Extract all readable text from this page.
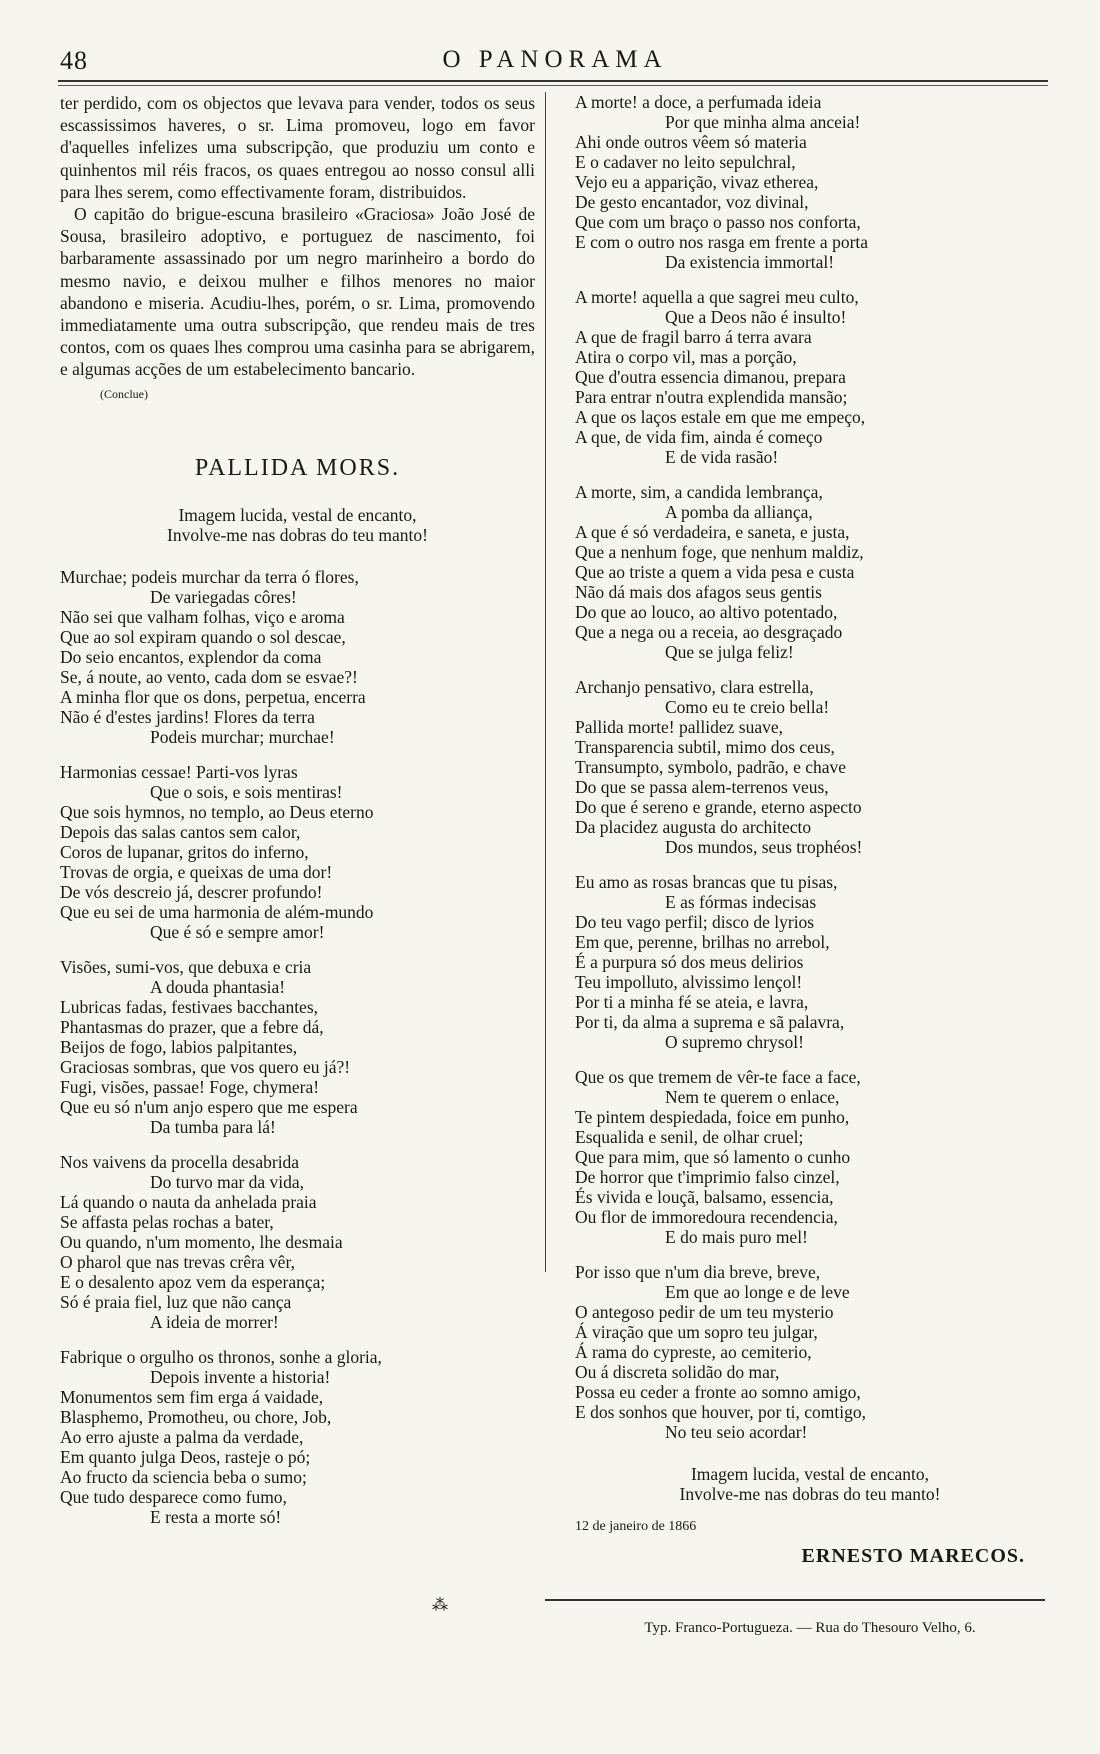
O PANORAMA
48

ter perdido, com os objectos que levava para vender, todos os seus escassissimos haveres, o sr. Lima promoveu, logo em favor d'aquelles infelizes uma subscripção, que produziu um conto e quinhentos mil réis fracos, os quaes entregou ao nosso consul alli para lhes serem, como effectivamente foram, distribuidos.

O capitão do brigue-escuna brasileiro «Graciosa» João José de Sousa, brasileiro adoptivo, e portuguez de nascimento, foi barbaramente assassinado por um negro marinheiro a bordo do mesmo navio, e deixou mulher e filhos menores no maior abandono e miseria. Acudiu-lhes, porém, o sr. Lima, promovendo immediatamente uma outra subscripção, que rendeu mais de tres contos, com os quaes lhes comprou uma casinha para se abrigarem, e algumas acções de um estabelecimento bancario.

(Conclue)
PALLIDA MORS.
Imagem lucida, vestal de encanto,
Involve-me nas dobras do teu manto!
Murchae; podeis murchar da terra ó flores,
De variegadas côres!
Não sei que valham folhas, viço e aroma
Que ao sol expiram quando o sol descae,
Do seio encantos, explendor da coma
Se, á noute, ao vento, cada dom se esvae?!
A minha flor que os dons, perpetua, encerra
Não é d'estes jardins! Flores da terra
Podeis murchar; murchae!
Harmonias cessae! Parti-vos lyras
Que o sois, e sois mentiras!
Que sois hymnos, no templo, ao Deus eterno
Depois das salas cantos sem calor,
Coros de lupanar, gritos do inferno,
Trovas de orgia, e queixas de uma dor!
De vós descreio já, descrer profundo!
Que eu sei de uma harmonia de além-mundo
Que é só e sempre amor!
Visões, sumi-vos, que debuxa e cria
A douda phantasia!
Lubricas fadas, festivaes bacchantes,
Phantasmas do prazer, que a febre dá,
Beijos de fogo, labios palpitantes,
Graciosas sombras, que vos quero eu já?!
Fugi, visões, passae! Foge, chymera!
Que eu só n'um anjo espero que me espera
Da tumba para lá!
Nos vaivens da procella desabrida
Do turvo mar da vida,
Lá quando o nauta da anhelada praia
Se affasta pelas rochas a bater,
Ou quando, n'um momento, lhe desmaia
O pharol que nas trevas crêra vêr,
E o desalento apoz vem da esperança;
Só é praia fiel, luz que não cança
A ideia de morrer!
Fabrique o orgulho os thronos, sonhe a gloria,
Depois invente a historia!
Monumentos sem fim erga á vaidade,
Blasphemo, Promotheu, ou chore, Job,
Ao erro ajuste a palma da verdade,
Em quanto julga Deos, rasteje o pó;
Ao fructo da sciencia beba o sumo;
Que tudo desparece como fumo,
E resta a morte só!
A morte! a doce, a perfumada ideia
Por que minha alma anceia!
Ahi onde outros vêem só materia
E o cadaver no leito sepulchral,
Vejo eu a apparição, vivaz etherea,
De gesto encantador, voz divinal,
Que com um braço o passo nos conforta,
E com o outro nos rasga em frente a porta
Da existencia immortal!
A morte! aquella a que sagrei meu culto,
Que a Deos não é insulto!
A que de fragil barro á terra avara
Atira o corpo vil, mas a porção,
Que d'outra essencia dimanou, prepara
Para entrar n'outra explendida mansão;
A que os laços estale em que me empeço,
A que, de vida fim, ainda é começo
E de vida rasão!
A morte, sim, a candida lembrança,
A pomba da alliança,
A que é só verdadeira, e saneta, e justa,
Que a nenhum foge, que nenhum maldiz,
Que ao triste a quem a vida pesa e custa
Não dá mais dos afagos seus gentis
Do que ao louco, ao altivo potentado,
Que a nega ou a receia, ao desgraçado
Que se julga feliz!
Archanjo pensativo, clara estrella,
Como eu te creio bella!
Pallida morte! pallidez suave,
Transparencia subtil, mimo dos ceus,
Transumpto, symbolo, padrão, e chave
Do que se passa alem-terrenos veus,
Do que é sereno e grande, eterno aspecto
Da placidez augusta do architecto
Dos mundos, seus trophéos!
Eu amo as rosas brancas que tu pisas,
E as fórmas indecisas
Do teu vago perfil; disco de lyrios
Em que, perenne, brilhas no arrebol,
É a purpura só dos meus delirios
Teu impolluto, alvissimo lençol!
Por ti a minha fé se ateia, e lavra,
Por ti, da alma a suprema e sã palavra,
O supremo chrysol!
Que os que tremem de vêr-te face a face,
Nem te querem o enlace,
Te pintem despiedada, foice em punho,
Esqualida e senil, de olhar cruel;
Que para mim, que só lamento o cunho
De horror que t'imprimio falso cinzel,
És vivida e louçã, balsamo, essencia,
Ou flor de immoredoura recendencia,
E do mais puro mel!
Por isso que n'um dia breve, breve,
Em que ao longe e de leve
O antegoso pedir de um teu mysterio
Á viração que um sopro teu julgar,
Á rama do cypreste, ao cemiterio,
Ou á discreta solidão do mar,
Possa eu ceder a fronte ao somno amigo,
E dos sonhos que houver, por ti, comtigo,
No teu seio acordar!
Imagem lucida, vestal de encanto,
Involve-me nas dobras do teu manto!
12 de janeiro de 1866
ERNESTO MARECOS.
⁂
Typ. Franco-Portugueza. — Rua do Thesouro Velho, 6.
